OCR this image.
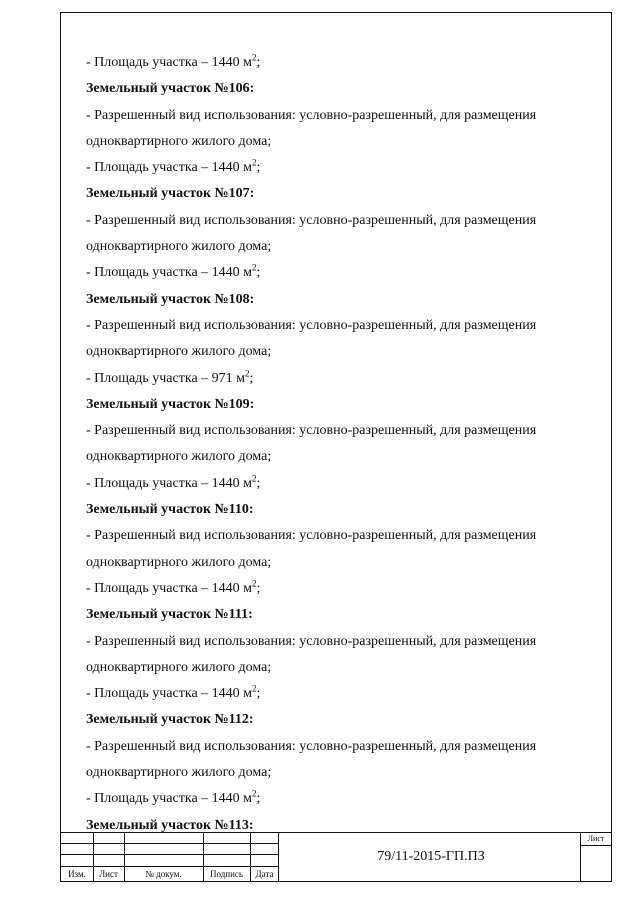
- Площадь участка – 1440 $м^2$;
Земельный участок №106:
- Разрешенный вид использования: условно-разрешенный, для размещения
одноквартирного жилого дома;
- Площадь участка – 1440 $м^2$;
Земельный участок №107:
- Разрешенный вид использования: условно-разрешенный, для размещения
одноквартирного жилого дома;
- Площадь участка – 1440 $м^2$;
Земельный участок №108:
- Разрешенный вид использования: условно-разрешенный, для размещения
одноквартирного жилого дома;
- Площадь участка – 971 $м^2$;
Земельный участок №109:
- Разрешенный вид использования: условно-разрешенный, для размещения
одноквартирного жилого дома;
- Площадь участка – 1440 $м^2$;
Земельный участок №110:
- Разрешенный вид использования: условно-разрешенный, для размещения
одноквартирного жилого дома;
- Площадь участка – 1440 $м^2$;
Земельный участок №111:
- Разрешенный вид использования: условно-разрешенный, для размещения
одноквартирного жилого дома;
- Площадь участка – 1440 $м^2$;
Земельный участок №112:
- Разрешенный вид использования: условно-разрешенный, для размещения
одноквартирного жилого дома;
- Площадь участка – 1440 $м^2$;
Земельный участок №113:
Изм.	Лист	№ докум.	Подпись	Дата
79/11-2015-ГП.ПЗ
Лист
